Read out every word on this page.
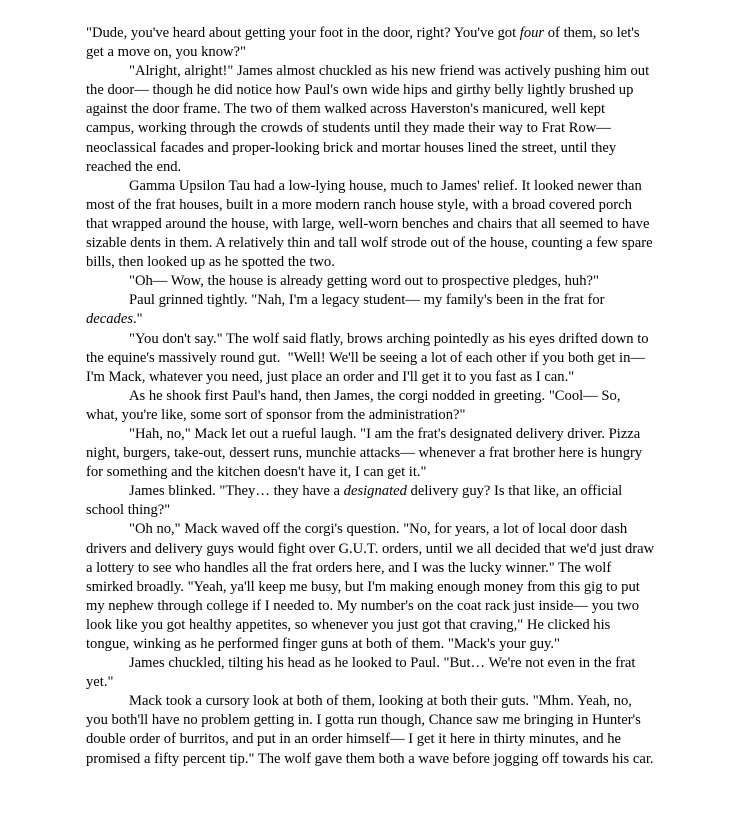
"Dude, you've heard about getting your foot in the door, right? You've got four of them, so let's
get a move on, you know?"
"Alright, alright!" James almost chuckled as his new friend was actively pushing him out
the door— though he did notice how Paul's own wide hips and girthy belly lightly brushed up
against the door frame. The two of them walked across Haverston's manicured, well kept
campus, working through the crowds of students until they made their way to Frat Row—
neoclassical facades and proper-looking brick and mortar houses lined the street, until they
reached the end.
Gamma Upsilon Tau had a low-lying house, much to James' relief. It looked newer than
most of the frat houses, built in a more modern ranch house style, with a broad covered porch
that wrapped around the house, with large, well-worn benches and chairs that all seemed to have
sizable dents in them. A relatively thin and tall wolf strode out of the house, counting a few spare
bills, then looked up as he spotted the two.
"Oh— Wow, the house is already getting word out to prospective pledges, huh?"
Paul grinned tightly. "Nah, I'm a legacy student— my family's been in the frat for
decades."
"You don't say." The wolf said flatly, brows arching pointedly as his eyes drifted down to
the equine's massively round gut.  "Well! We'll be seeing a lot of each other if you both get in—
I'm Mack, whatever you need, just place an order and I'll get it to you fast as I can."
As he shook first Paul's hand, then James, the corgi nodded in greeting. "Cool— So,
what, you're like, some sort of sponsor from the administration?"
"Hah, no," Mack let out a rueful laugh. "I am the frat's designated delivery driver. Pizza
night, burgers, take-out, dessert runs, munchie attacks— whenever a frat brother here is hungry
for something and the kitchen doesn't have it, I can get it."
James blinked. "They… they have a designated delivery guy? Is that like, an official
school thing?"
"Oh no," Mack waved off the corgi's question. "No, for years, a lot of local door dash
drivers and delivery guys would fight over G.U.T. orders, until we all decided that we'd just draw
a lottery to see who handles all the frat orders here, and I was the lucky winner." The wolf
smirked broadly. "Yeah, ya'll keep me busy, but I'm making enough money from this gig to put
my nephew through college if I needed to. My number's on the coat rack just inside— you two
look like you got healthy appetites, so whenever you just got that craving," He clicked his
tongue, winking as he performed finger guns at both of them. "Mack's your guy."
James chuckled, tilting his head as he looked to Paul. "But… We're not even in the frat
yet."
Mack took a cursory look at both of them, looking at both their guts. "Mhm. Yeah, no,
you both'll have no problem getting in. I gotta run though, Chance saw me bringing in Hunter's
double order of burritos, and put in an order himself— I get it here in thirty minutes, and he
promised a fifty percent tip." The wolf gave them both a wave before jogging off towards his car.
